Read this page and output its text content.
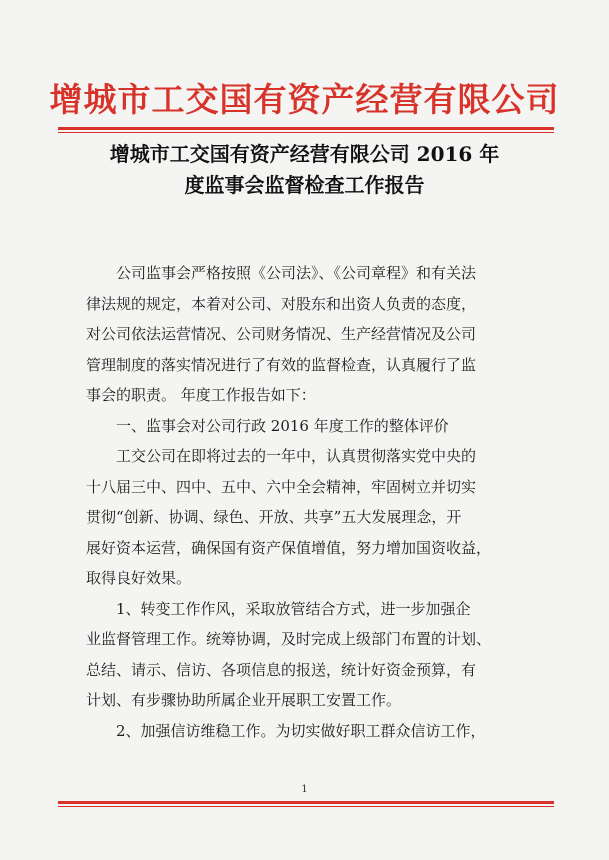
增城市工交国有资产经营有限公司
增城市工交国有资产经营有限公司 2016 年
度监事会监督检查工作报告
公司监事会严格按照《公司法》、《公司章程》和有关法
律法规的规定，本着对公司、对股东和出资人负责的态度，
对公司依法运营情况、公司财务情况、生产经营情况及公司
管理制度的落实情况进行了有效的监督检查，认真履行了监
事会的职责。 年度工作报告如下：
一、监事会对公司行政 2016 年度工作的整体评价
工交公司在即将过去的一年中，认真贯彻落实党中央的
十八届三中、四中、五中、六中全会精神，牢固树立并切实
贯彻“创新、协调、绿色、开放、共享”五大发展理念，开
展好资本运营，确保国有资产保值增值，努力增加国资收益，
取得良好效果。
1、转变工作作风，采取放管结合方式，进一步加强企
业监督管理工作。统筹协调，及时完成上级部门布置的计划、
总结、请示、信访、各项信息的报送，统计好资金预算，有
计划、有步骤协助所属企业开展职工安置工作。
2、加强信访维稳工作。为切实做好职工群众信访工作，
1
